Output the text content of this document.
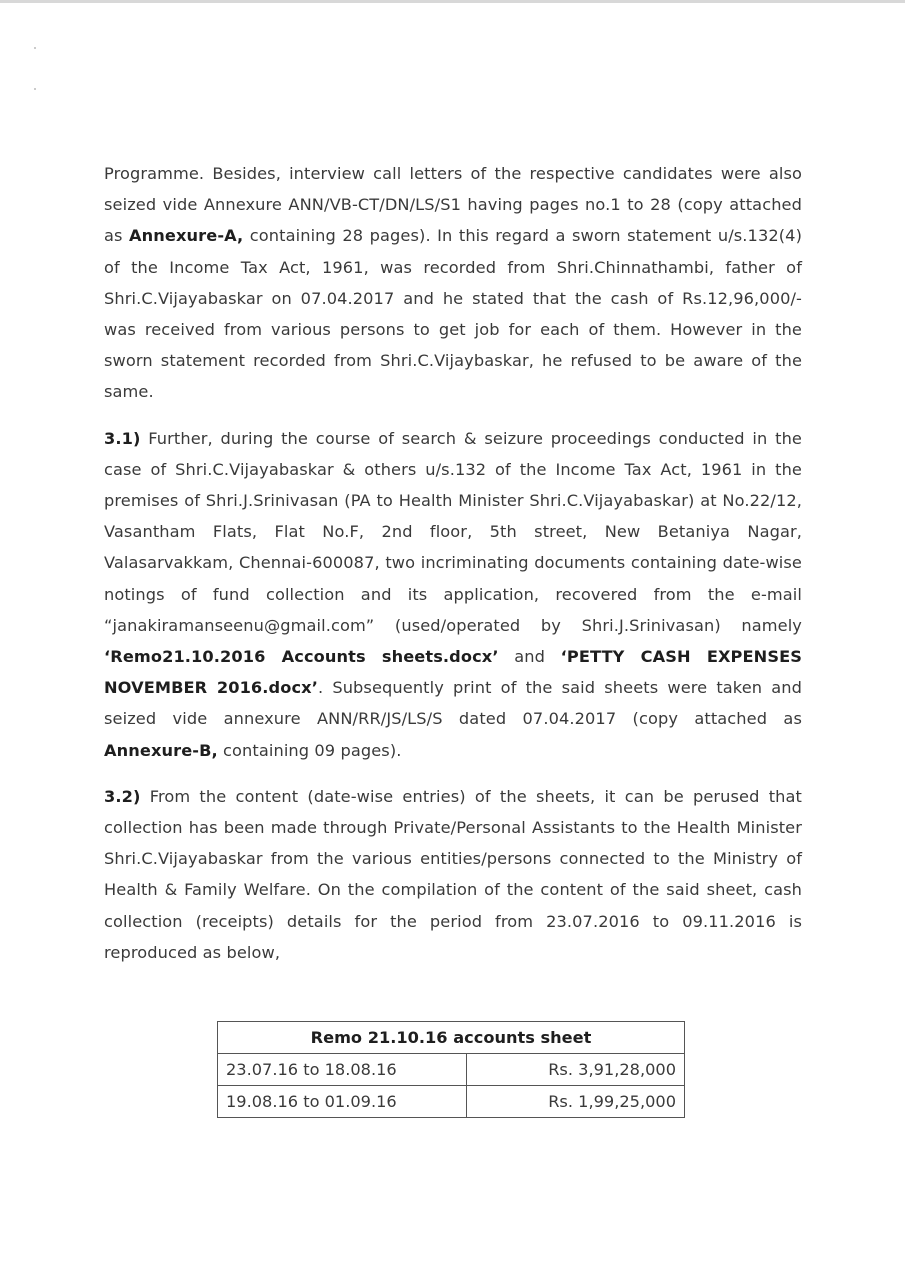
Programme. Besides, interview call letters of the respective candidates were also seized vide Annexure ANN/VB-CT/DN/LS/S1 having pages no.1 to 28 (copy attached as Annexure-A, containing 28 pages). In this regard a sworn statement u/s.132(4) of the Income Tax Act, 1961, was recorded from Shri.Chinnathambi, father of Shri.C.Vijayabaskar on 07.04.2017 and he stated that the cash of Rs.12,96,000/- was received from various persons to get job for each of them. However in the sworn statement recorded from Shri.C.Vijaybaskar, he refused to be aware of the same.

3.1) Further, during the course of search & seizure proceedings conducted in the case of Shri.C.Vijayabaskar & others u/s.132 of the Income Tax Act, 1961 in the premises of Shri.J.Srinivasan (PA to Health Minister Shri.C.Vijayabaskar) at No.22/12, Vasantham Flats, Flat No.F, 2nd floor, 5th street, New Betaniya Nagar, Valasarvakkam, Chennai-600087, two incriminating documents containing date-wise notings of fund collection and its application, recovered from the e-mail “janakiramanseenu@gmail.com” (used/operated by Shri.J.Srinivasan) namely ‘Remo21.10.2016 Accounts sheets.docx’ and ‘PETTY CASH EXPENSES NOVEMBER 2016.docx’. Subsequently print of the said sheets were taken and seized vide annexure ANN/RR/JS/LS/S dated 07.04.2017 (copy attached as Annexure-B, containing 09 pages).

3.2) From the content (date-wise entries) of the sheets, it can be perused that collection has been made through Private/Personal Assistants to the Health Minister Shri.C.Vijayabaskar from the various entities/persons connected to the Ministry of Health & Family Welfare. On the compilation of the content of the said sheet, cash collection (receipts) details for the period from 23.07.2016 to 09.11.2016 is reproduced as below,

Remo 21.10.16 accounts sheet	
23.07.16 to 18.08.16	Rs. 3,91,28,000
19.08.16 to 01.09.16	Rs. 1,99,25,000
